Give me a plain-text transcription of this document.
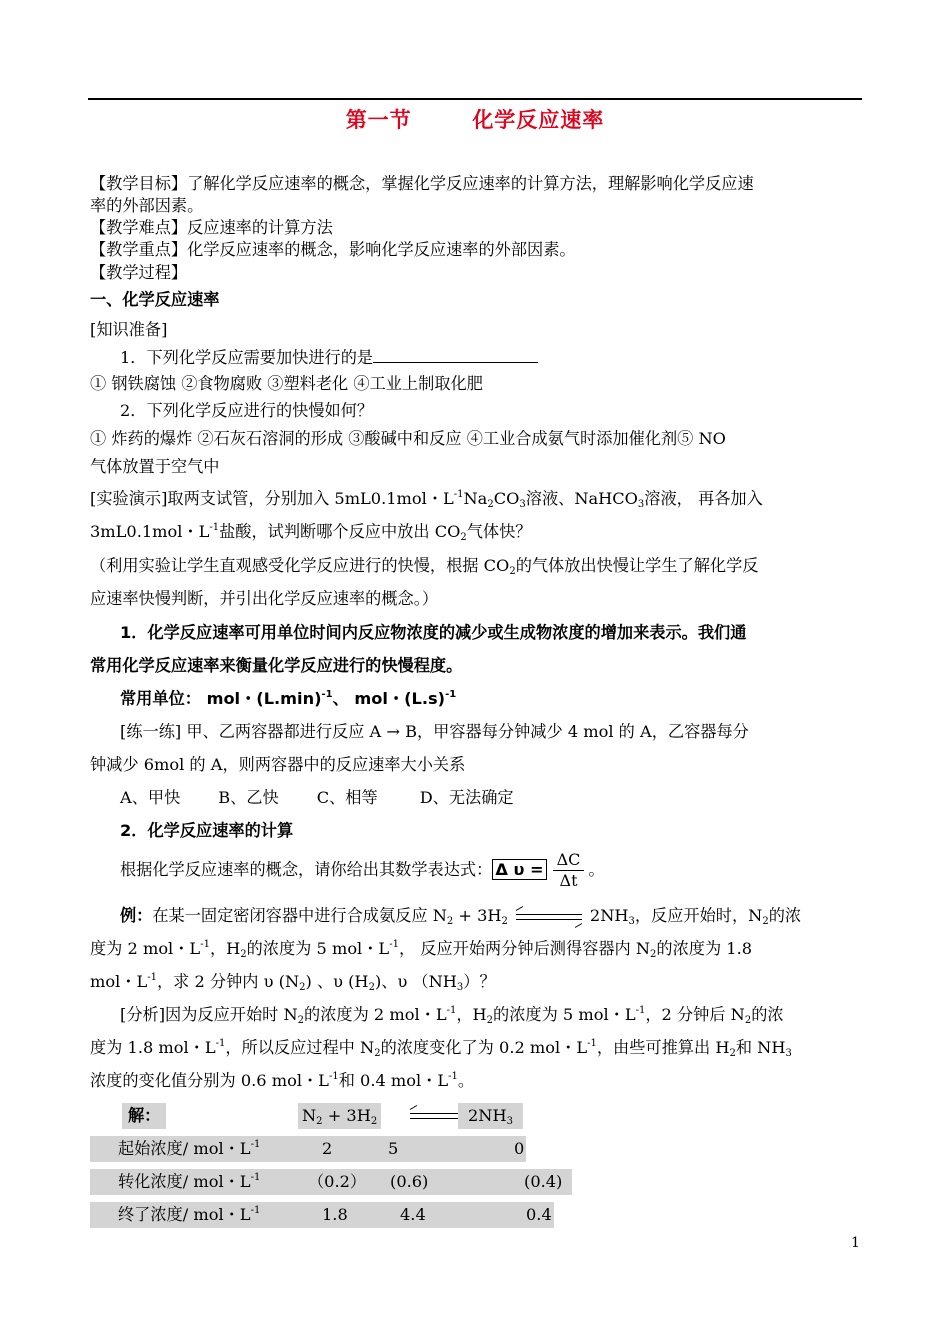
第一节	化学反应速率
【教学目标】了解化学反应速率的概念，掌握化学反应速率的计算方法，理解影响化学反应速
率的外部因素。
【教学难点】反应速率的计算方法
【教学重点】化学反应速率的概念，影响化学反应速率的外部因素。
【教学过程】
一、化学反应速率
[知识准备]
1．下列化学反应需要加快进行的是
① 钢铁腐蚀 ②食物腐败 ③塑料老化 ④工业上制取化肥
2．下列化学反应进行的快慢如何？
① 炸药的爆炸 ②石灰石溶洞的形成 ③酸碱中和反应 ④工业合成氨气时添加催化剂⑤ NO
气体放置于空气中
[实验演示]取两支试管，分别加入 5mL0.1mol・$L^{-1}Na_2CO_3$溶液、NaHCO$_3$溶液， 再各加入
3mL0.1mol・$L^{-1}$盐酸，试判断哪个反应中放出 $CO_2$气体快？
（利用实验让学生直观感受化学反应进行的快慢，根据 $CO_2$的气体放出快慢让学生了解化学反
应速率快慢判断，并引出化学反应速率的概念。）
1．化学反应速率可用单位时间内反应物浓度的减少或生成物浓度的增加来表示。我们通
常用化学反应速率来衡量化学反应进行的快慢程度。
常用单位： mol・$(L.\min)^{-1}$、 mol・$(L.s)^{-1}$
[练一练] 甲、乙两容器都进行反应 A → B，甲容器每分钟减少 4 mol 的 A，乙容器每分
钟减少 6mol 的 A，则两容器中的反应速率大小关系
A、甲快 B、乙快 C、相等	D、无法确定
2．化学反应速率的计算
根据化学反应速率的概念，请你给出其数学表达式： Δ $\upsilon = \frac{\Delta C}{\Delta t}$ 。
例：在某一固定密闭容器中进行合成氨反应 $N_2 + 3H_2$	$2NH_3$，反应开始时，$N_2$的浓
度为 2 mol・$L^{-1}$，$H_2$的浓度为 5 mol・$L^{-1}$， 反应开始两分钟后测得容器内 $N_2$的浓度为 1.8
mol・$L^{-1}$，求 2 分钟内 υ $(N_2)$ 、υ $(H_2)$、υ $(NH_3)$？
[分析]因为反应开始时 $N_2$的浓度为 2 mol・$L^{-1}$，$H_2$的浓度为 5 mol・$L^{-1}$，2 分钟后 $N_2$的浓
度为 1.8 mol・$L^{-1}$，所以反应过程中 $N_2$的浓度变化了为 0.2 mol・$L^{-1}$，由些可推算出 $H_2$和 $NH_3$
浓度的变化值分别为 0.6 mol・$L^{-1}$和 0.4 mol・$L^{-1}$。
解：	$N_2 + 3H_2$	$2NH_3$
起始浓度/ mol・$L^{-1}$	2	5	0
转化浓度/ mol・$L^{-1}$	（0.2） (0.6)	(0.4)
终了浓度/ mol・$L^{-1}$	1.8	4.4	0.4
1
